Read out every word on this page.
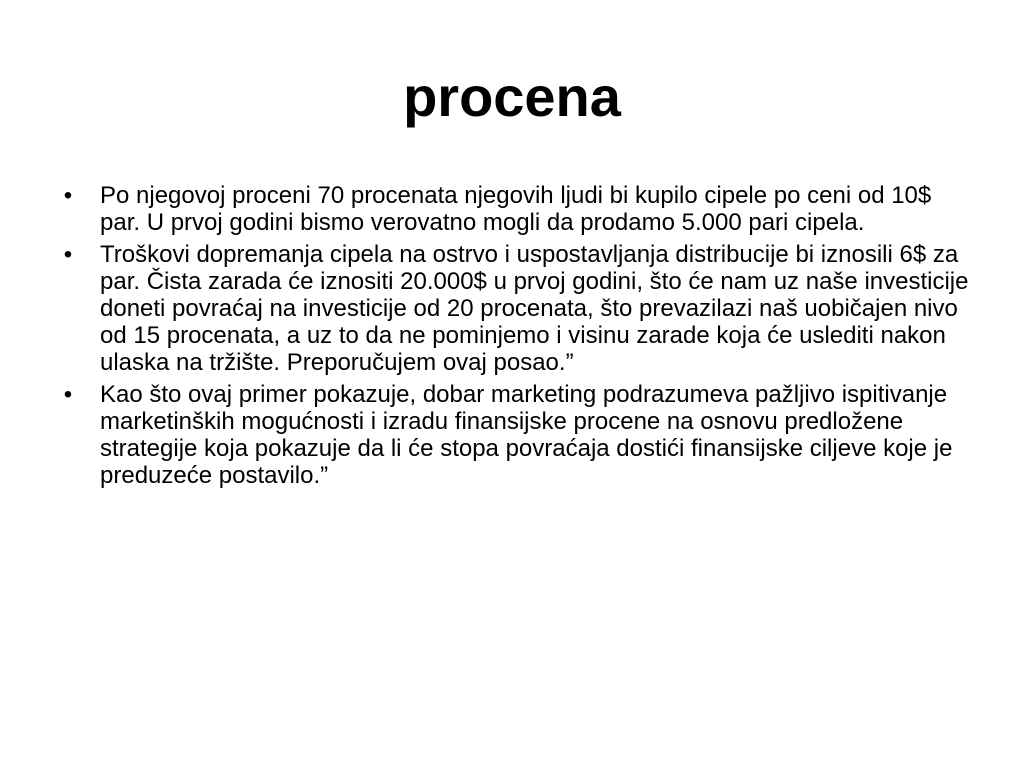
procena
• Po njegovoj proceni 70 procenata njegovih ljudi bi kupilo cipele po ceni od 10$ par. U prvoj godini bismo verovatno mogli da prodamo 5.000 pari cipela.
• Troškovi dopremanja cipela na ostrvo i uspostavljanja distribucije bi iznosili 6$ za par. Čista zarada će iznositi 20.000$ u prvoj godini, što će nam uz naše investicije doneti povraćaj na investicije od 20 procenata, što prevazilazi naš uobičajen nivo od 15 procenata, a uz to da ne pominjemo i visinu zarade koja će uslediti nakon ulaska na tržište. Preporučujem ovaj posao.”
• Kao što ovaj primer pokazuje, dobar marketing podrazumeva pažljivo ispitivanje marketinških mogućnosti i izradu finansijske procene na osnovu predložene strategije koja pokazuje da li će stopa povraćaja dostići finansijske ciljeve koje je preduzeće postavilo.”
